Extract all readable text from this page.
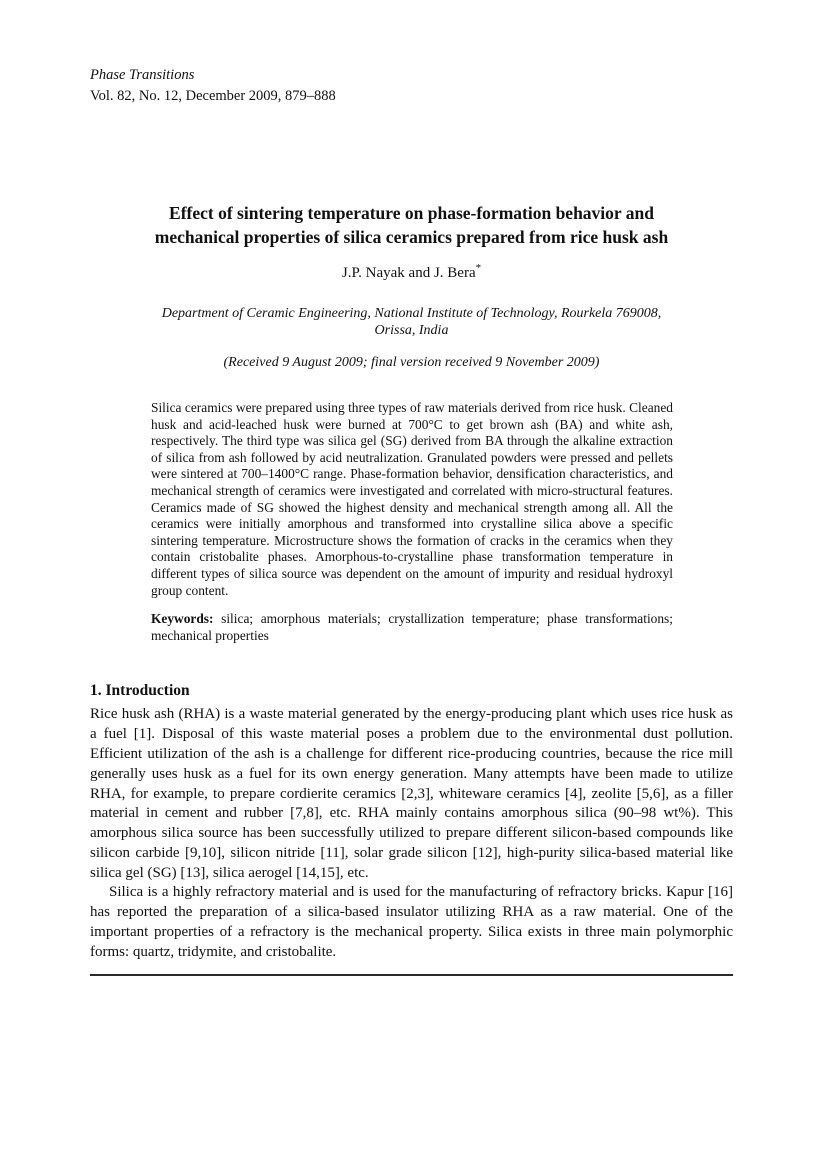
Phase Transitions
Vol. 82, No. 12, December 2009, 879–888
Effect of sintering temperature on phase-formation behavior and
mechanical properties of silica ceramics prepared from rice husk ash
J.P. Nayak and J. Bera*
Department of Ceramic Engineering, National Institute of Technology, Rourkela 769008,
Orissa, India
(Received 9 August 2009; final version received 9 November 2009)
Silica ceramics were prepared using three types of raw materials derived from rice husk. Cleaned husk and acid-leached husk were burned at 700°C to get brown ash (BA) and white ash, respectively. The third type was silica gel (SG) derived from BA through the alkaline extraction of silica from ash followed by acid neutralization. Granulated powders were pressed and pellets were sintered at 700–1400°C range. Phase-formation behavior, densification characteristics, and mechanical strength of ceramics were investigated and correlated with micro-structural features. Ceramics made of SG showed the highest density and mechanical strength among all. All the ceramics were initially amorphous and transformed into crystalline silica above a specific sintering temperature. Microstructure shows the formation of cracks in the ceramics when they contain cristobalite phases. Amorphous-to-crystalline phase transformation temperature in different types of silica source was dependent on the amount of impurity and residual hydroxyl group content.
Keywords: silica; amorphous materials; crystallization temperature; phase transformations; mechanical properties
1. Introduction

Rice husk ash (RHA) is a waste material generated by the energy-producing plant which uses rice husk as a fuel [1]. Disposal of this waste material poses a problem due to the environmental dust pollution. Efficient utilization of the ash is a challenge for different rice-producing countries, because the rice mill generally uses husk as a fuel for its own energy generation. Many attempts have been made to utilize RHA, for example, to prepare cordierite ceramics [2,3], whiteware ceramics [4], zeolite [5,6], as a filler material in cement and rubber [7,8], etc. RHA mainly contains amorphous silica (90–98 wt%). This amorphous silica source has been successfully utilized to prepare different silicon-based compounds like silicon carbide [9,10], silicon nitride [11], solar grade silicon [12], high-purity silica-based material like silica gel (SG) [13], silica aerogel [14,15], etc.

Silica is a highly refractory material and is used for the manufacturing of refractory bricks. Kapur [16] has reported the preparation of a silica-based insulator utilizing RHA as a raw material. One of the important properties of a refractory is the mechanical property. Silica exists in three main polymorphic forms: quartz, tridymite, and cristobalite.
